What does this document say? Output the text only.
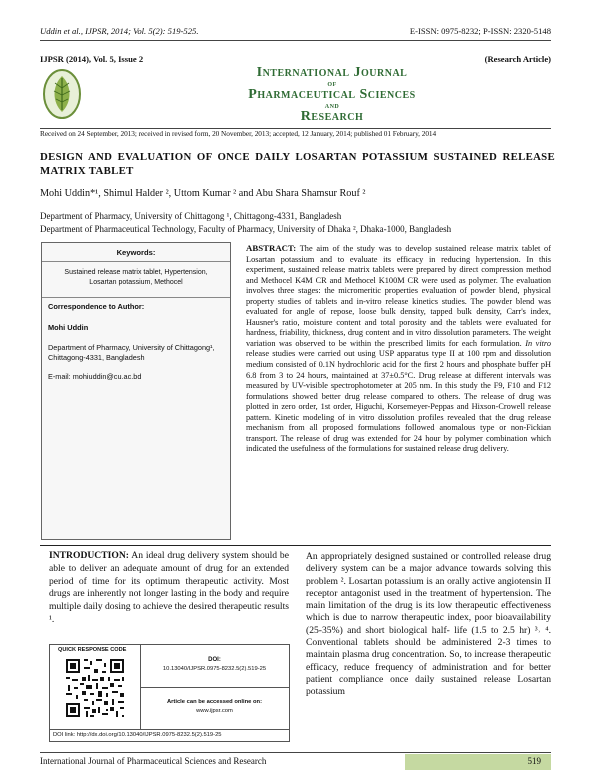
Uddin et al., IJPSR, 2014; Vol. 5(2): 519-525.	E-ISSN: 0975-8232; P-ISSN: 2320-5148
IJPSR (2014), Vol. 5, Issue 2	(Research Article)
International Journal
of
Pharmaceutical Sciences
and
Research
Received on 24 September, 2013; received in revised form, 20 November, 2013; accepted, 12 January, 2014; published 01 February, 2014
DESIGN AND EVALUATION OF ONCE DAILY LOSARTAN POTASSIUM SUSTAINED RELEASE MATRIX TABLET
Mohi Uddin*¹, Shimul Halder ², Uttom Kumar ² and Abu Shara Shamsur Rouf ²
Department of Pharmacy, University of Chittagong ¹, Chittagong-4331, Bangladesh
Department of Pharmaceutical Technology, Faculty of Pharmacy, University of Dhaka ², Dhaka-1000, Bangladesh
Keywords:
Sustained release matrix tablet, Hypertension, Losartan potassium, Methocel
Correspondence to Author:
Mohi Uddin
Department of Pharmacy, University of Chittagong¹, Chittagong-4331, Bangladesh
E-mail: mohiuddin@cu.ac.bd
ABSTRACT: The aim of the study was to develop sustained release matrix tablet of Losartan potassium and to evaluate its efficacy in reducing hypertension. In this experiment, sustained release matrix tablets were prepared by direct compression method and Methocel K4M CR and Methocel K100M CR were used as polymer. The evaluation involves three stages: the micromeritic properties evaluation of powder blend, physical property studies of tablets and in-vitro release kinetics studies. The powder blend was evaluated for angle of repose, loose bulk density, tapped bulk density, Carr's index, Hausner's ratio, moisture content and total porosity and the tablets were evaluated for hardness, friability, thickness, drug content and in vitro dissolution parameters. The weight variation was observed to be within the prescribed limits for each formulation. In vitro release studies were carried out using USP apparatus type II at 100 rpm and dissolution medium consisted of 0.1N hydrochloric acid for the first 2 hours and phosphate buffer pH 6.8 from 3 to 24 hours, maintained at 37±0.5°C. Drug release at different intervals was measured by UV-visible spectrophotometer at 205 nm. In this study the F9, F10 and F12 formulations showed better drug release compared to others. The release of drug was plotted in zero order, 1st order, Higuchi, Korsemeyer-Peppas and Hixson-Crowell release pattern. Kinetic modeling of in vitro dissolution profiles revealed that the drug release mechanism from all proposed formulations followed anomalous type or non-Fickian transport. The release of drug was extended for 24 hour by polymer combination which indicated the usefulness of the formulations for sustained release drug delivery.
INTRODUCTION: An ideal drug delivery system should be able to deliver an adequate amount of drug for an extended period of time for its optimum therapeutic activity. Most drugs are inherently not longer lasting in the body and require multiple daily dosing to achieve the desired therapeutic results ¹.
QUICK RESPONSE CODE
DOI:
10.13040/IJPSR.0975-8232.5(2).519-25
Article can be accessed online on:
www.ijpsr.com
DOI link: http://dx.doi.org/10.13040/IJPSR.0975-8232.5(2).519-25
An appropriately designed sustained or controlled release drug delivery system can be a major advance towards solving this problem ². Losartan potassium is an orally active angiotensin II receptor antagonist used in the treatment of hypertension. The main limitation of the drug is its low therapeutic effectiveness which is due to narrow therapeutic index, poor bioavailability (25-35%) and short biological half- life (1.5 to 2.5 hr) ³˒ ⁴. Conventional tablets should be administered 2-3 times to maintain plasma drug concentration. So, to increase therapeutic efficacy, reduce frequency of administration and for better patient compliance once daily sustained release Losartan potassium
International Journal of Pharmaceutical Sciences and Research	519
